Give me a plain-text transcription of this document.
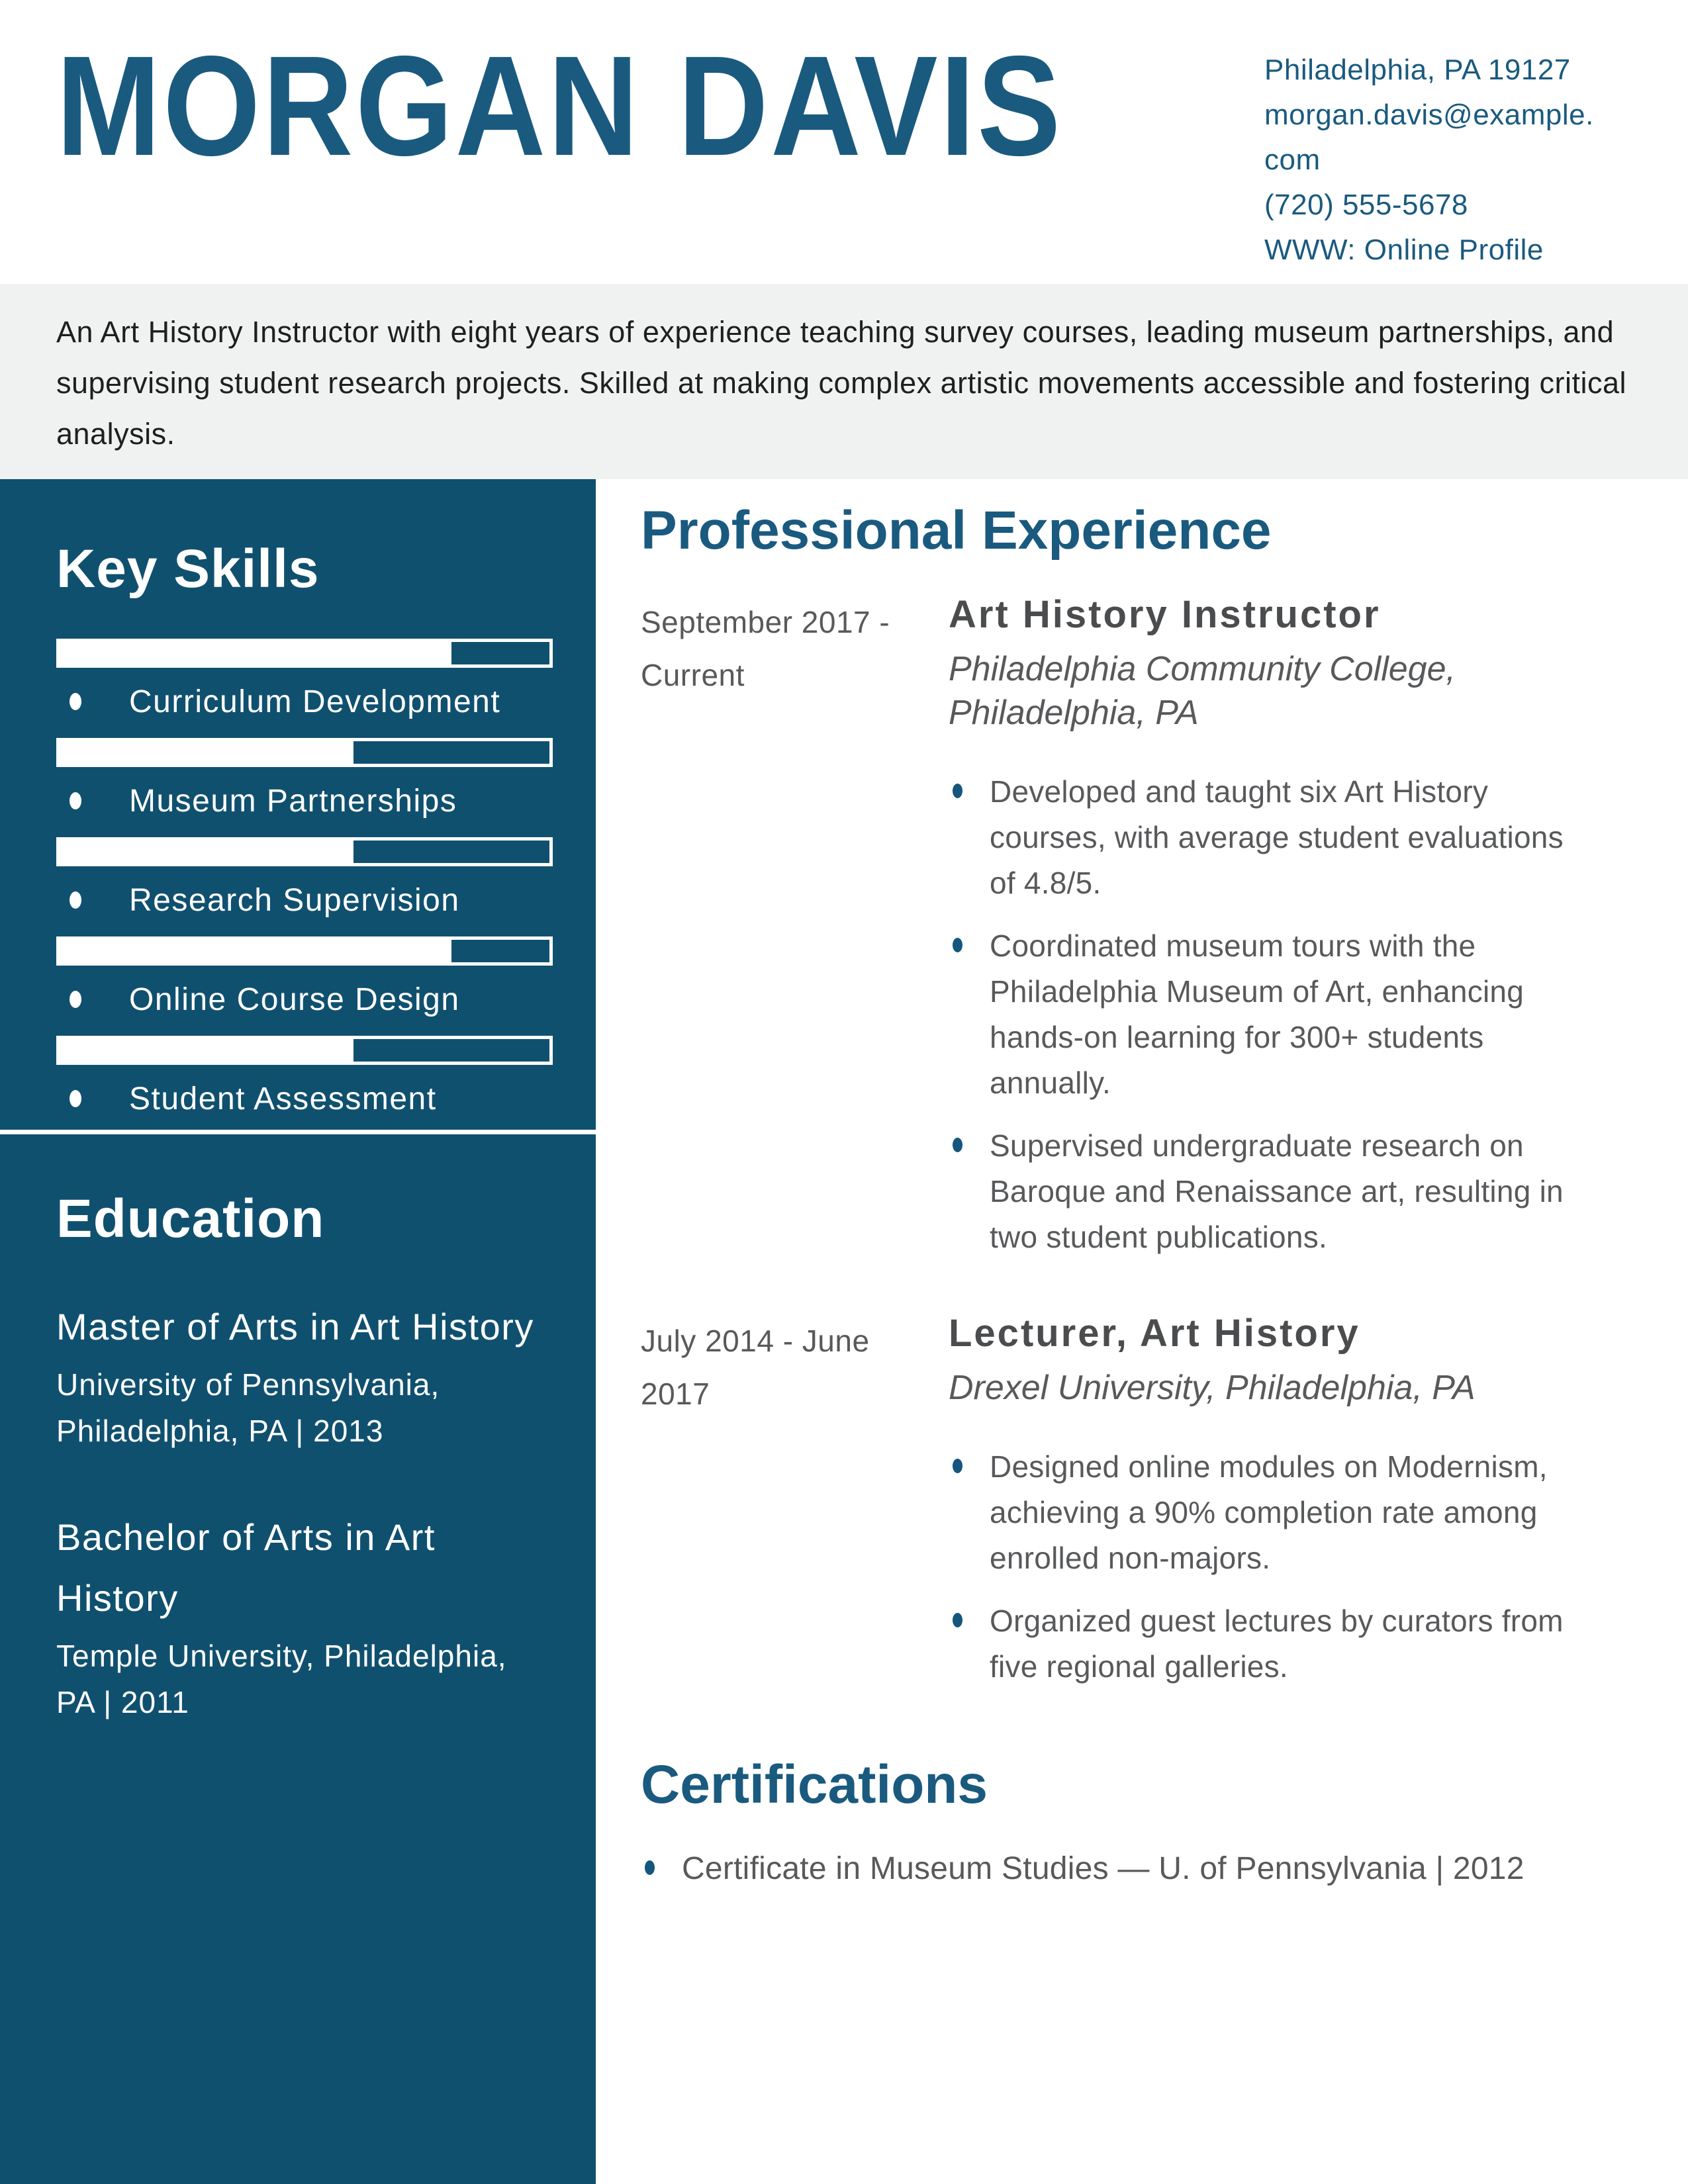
MORGAN DAVIS	Philadelphia, PA 19127
morgan.davis@example.com
(720) 555-5678
WWW: Online Profile

An Art History Instructor with eight years of experience teaching survey courses, leading museum partnerships, and supervising student research projects. Skilled at making complex artistic movements accessible and fostering critical analysis.

Key Skills
Curriculum Development
Museum Partnerships
Research Supervision
Online Course Design
Student Assessment
Education
Master of Arts in Art History
University of Pennsylvania, Philadelphia, PA | 2013
Bachelor of Arts in Art History
Temple University, Philadelphia, PA | 2011
Professional Experience
September 2017 - Current
Art History Instructor
Philadelphia Community College, Philadelphia, PA
Developed and taught six Art History courses, with average student evaluations of 4.8/5.
Coordinated museum tours with the Philadelphia Museum of Art, enhancing hands-on learning for 300+ students annually.
Supervised undergraduate research on Baroque and Renaissance art, resulting in two student publications.
July 2014 - June 2017
Lecturer, Art History
Drexel University, Philadelphia, PA
Designed online modules on Modernism, achieving a 90% completion rate among enrolled non-majors.
Organized guest lectures by curators from five regional galleries.
Certifications
Certificate in Museum Studies — U. of Pennsylvania | 2012
